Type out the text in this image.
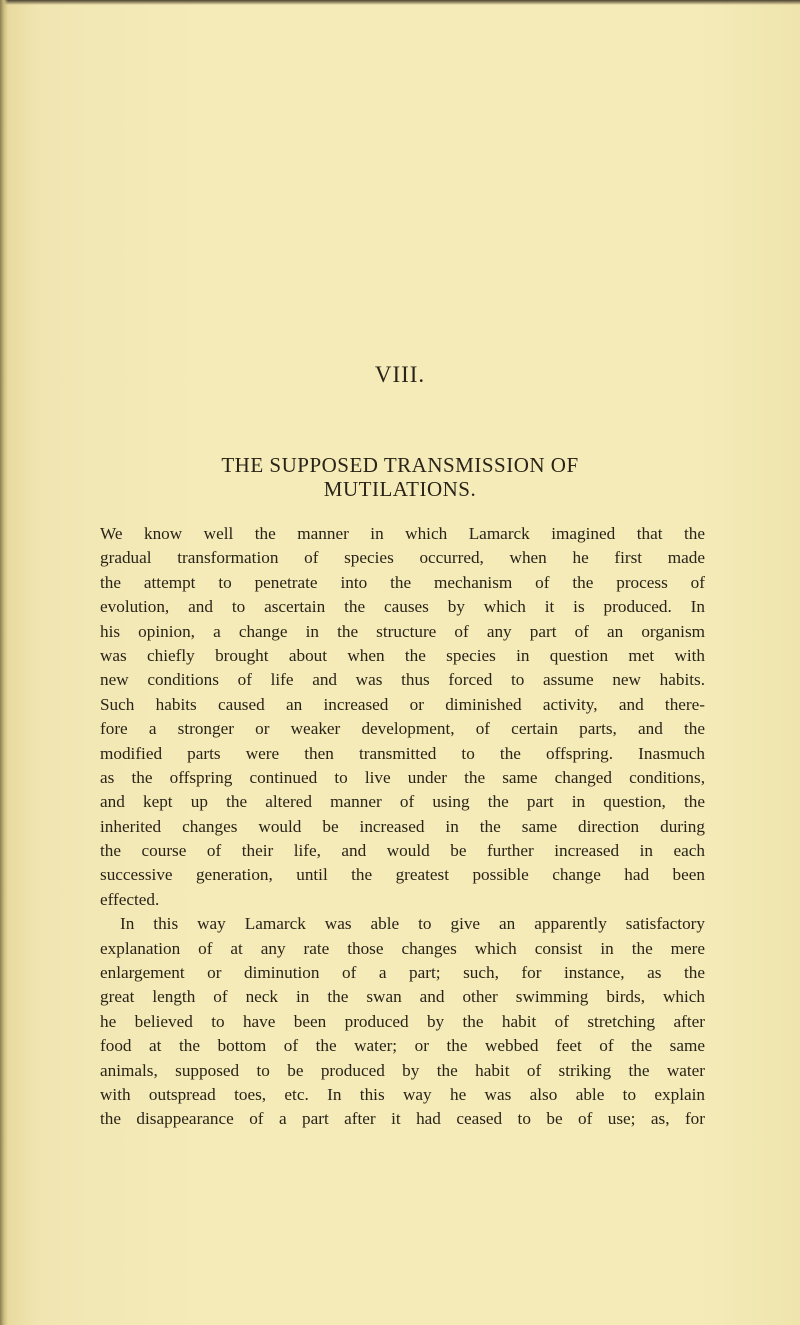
VIII.
THE SUPPOSED TRANSMISSION OF
MUTILATIONS.
We know well the manner in which Lamarck imagined that the
gradual transformation of species occurred, when he first made
the attempt to penetrate into the mechanism of the process of
evolution, and to ascertain the causes by which it is produced. In
his opinion, a change in the structure of any part of an organism
was chiefly brought about when the species in question met with
new conditions of life and was thus forced to assume new habits.
Such habits caused an increased or diminished activity, and there-
fore a stronger or weaker development, of certain parts, and the
modified parts were then transmitted to the offspring. Inasmuch
as the offspring continued to live under the same changed conditions,
and kept up the altered manner of using the part in question, the
inherited changes would be increased in the same direction during
the course of their life, and would be further increased in each
successive generation, until the greatest possible change had been
effected.
In this way Lamarck was able to give an apparently satisfactory
explanation of at any rate those changes which consist in the mere
enlargement or diminution of a part; such, for instance, as the
great length of neck in the swan and other swimming birds, which
he believed to have been produced by the habit of stretching after
food at the bottom of the water; or the webbed feet of the same
animals, supposed to be produced by the habit of striking the water
with outspread toes, etc. In this way he was also able to explain
the disappearance of a part after it had ceased to be of use; as, for
